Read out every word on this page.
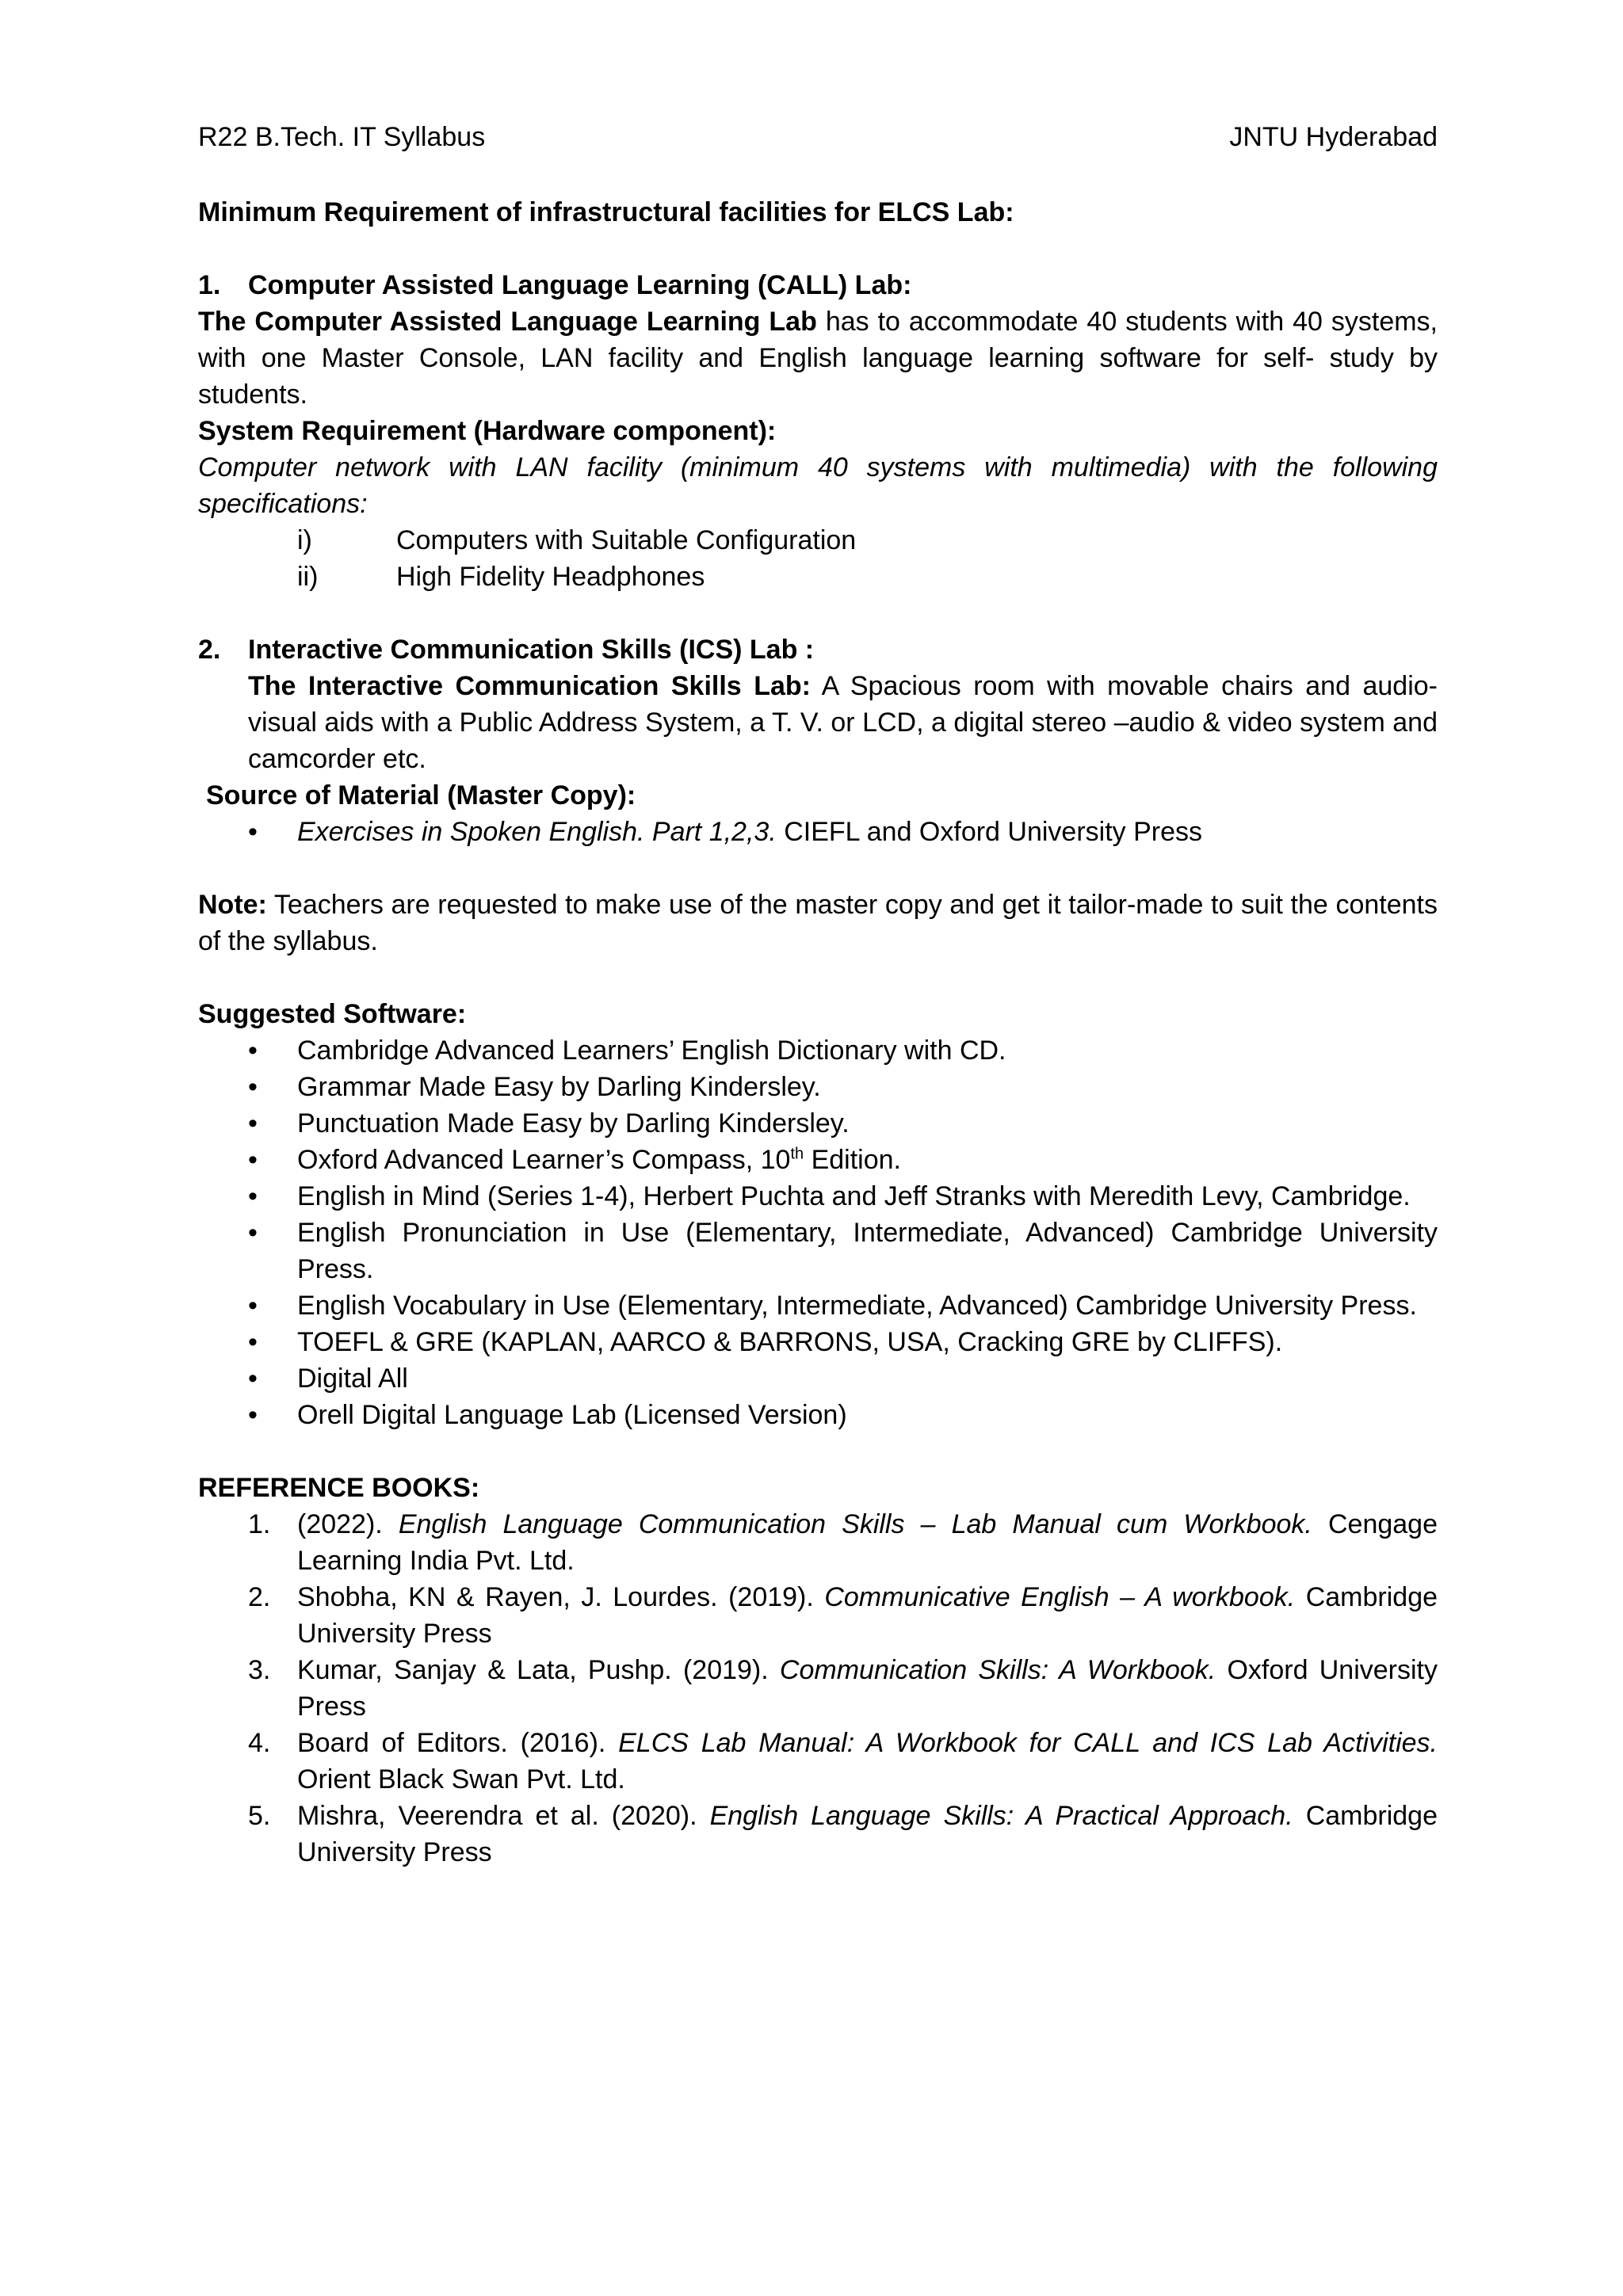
R22 B.Tech. IT Syllabus	JNTU Hyderabad

Minimum Requirement of infrastructural facilities for ELCS Lab:

1.	Computer Assisted Language Learning (CALL) Lab:

The Computer Assisted Language Learning Lab has to accommodate 40 students with 40 systems, with one Master Console, LAN facility and English language learning software for self- study by students.

System Requirement (Hardware component):

Computer network with LAN facility (minimum 40 systems with multimedia) with the following specifications:

i)	Computers with Suitable Configuration
ii)	High Fidelity Headphones
2.	Interactive Communication Skills (ICS) Lab :

The Interactive Communication Skills Lab: A Spacious room with movable chairs and audio-visual aids with a Public Address System, a T. V. or LCD, a digital stereo –audio & video system and camcorder etc.

Source of Material (Master Copy):

•	Exercises in Spoken English. Part 1,2,3. CIEFL and Oxford University Press

Note: Teachers are requested to make use of the master copy and get it tailor-made to suit the contents of the syllabus.

Suggested Software:

•	Cambridge Advanced Learners’ English Dictionary with CD.
•	Grammar Made Easy by Darling Kindersley.
•	Punctuation Made Easy by Darling Kindersley.
•	Oxford Advanced Learner’s Compass, 10th Edition.
•	English in Mind (Series 1-4), Herbert Puchta and Jeff Stranks with Meredith Levy, Cambridge.
•	English Pronunciation in Use (Elementary, Intermediate, Advanced) Cambridge University Press.
•	English Vocabulary in Use (Elementary, Intermediate, Advanced) Cambridge University Press.
•	TOEFL & GRE (KAPLAN, AARCO & BARRONS, USA, Cracking GRE by CLIFFS).
•	Digital All
•	Orell Digital Language Lab (Licensed Version)

REFERENCE BOOKS:

1. (2022). English Language Communication Skills – Lab Manual cum Workbook. Cengage Learning India Pvt. Ltd.
2. Shobha, KN & Rayen, J. Lourdes. (2019). Communicative English – A workbook. Cambridge University Press
3. Kumar, Sanjay & Lata, Pushp. (2019). Communication Skills: A Workbook. Oxford University Press
4. Board of Editors. (2016). ELCS Lab Manual: A Workbook for CALL and ICS Lab Activities. Orient Black Swan Pvt. Ltd.
5. Mishra, Veerendra et al. (2020). English Language Skills: A Practical Approach. Cambridge University Press
